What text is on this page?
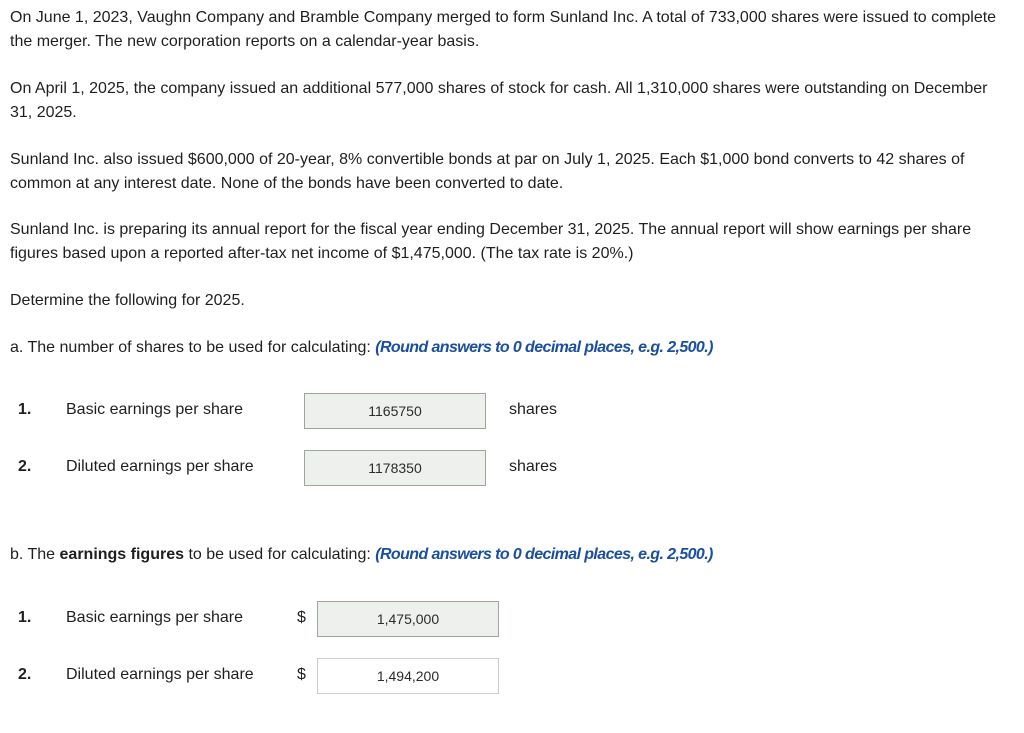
On June 1, 2023, Vaughn Company and Bramble Company merged to form Sunland Inc. A total of 733,000 shares were issued to complete the merger. The new corporation reports on a calendar-year basis.

On April 1, 2025, the company issued an additional 577,000 shares of stock for cash. All 1,310,000 shares were outstanding on December 31, 2025.

Sunland Inc. also issued $600,000 of 20-year, 8% convertible bonds at par on July 1, 2025. Each $1,000 bond converts to 42 shares of common at any interest date. None of the bonds have been converted to date.

Sunland Inc. is preparing its annual report for the fiscal year ending December 31, 2025. The annual report will show earnings per share figures based upon a reported after-tax net income of $1,475,000. (The tax rate is 20%.)

Determine the following for 2025.

a. The number of shares to be used for calculating: (Round answers to 0 decimal places, e.g. 2,500.)

1. Basic earnings per share
1165750	shares
2. Diluted earnings per share
1178350	shares

b. The earnings figures to be used for calculating: (Round answers to 0 decimal places, e.g. 2,500.)

1. Basic earnings per share	$
1,475,000
2. Diluted earnings per share	$
1,494,200
